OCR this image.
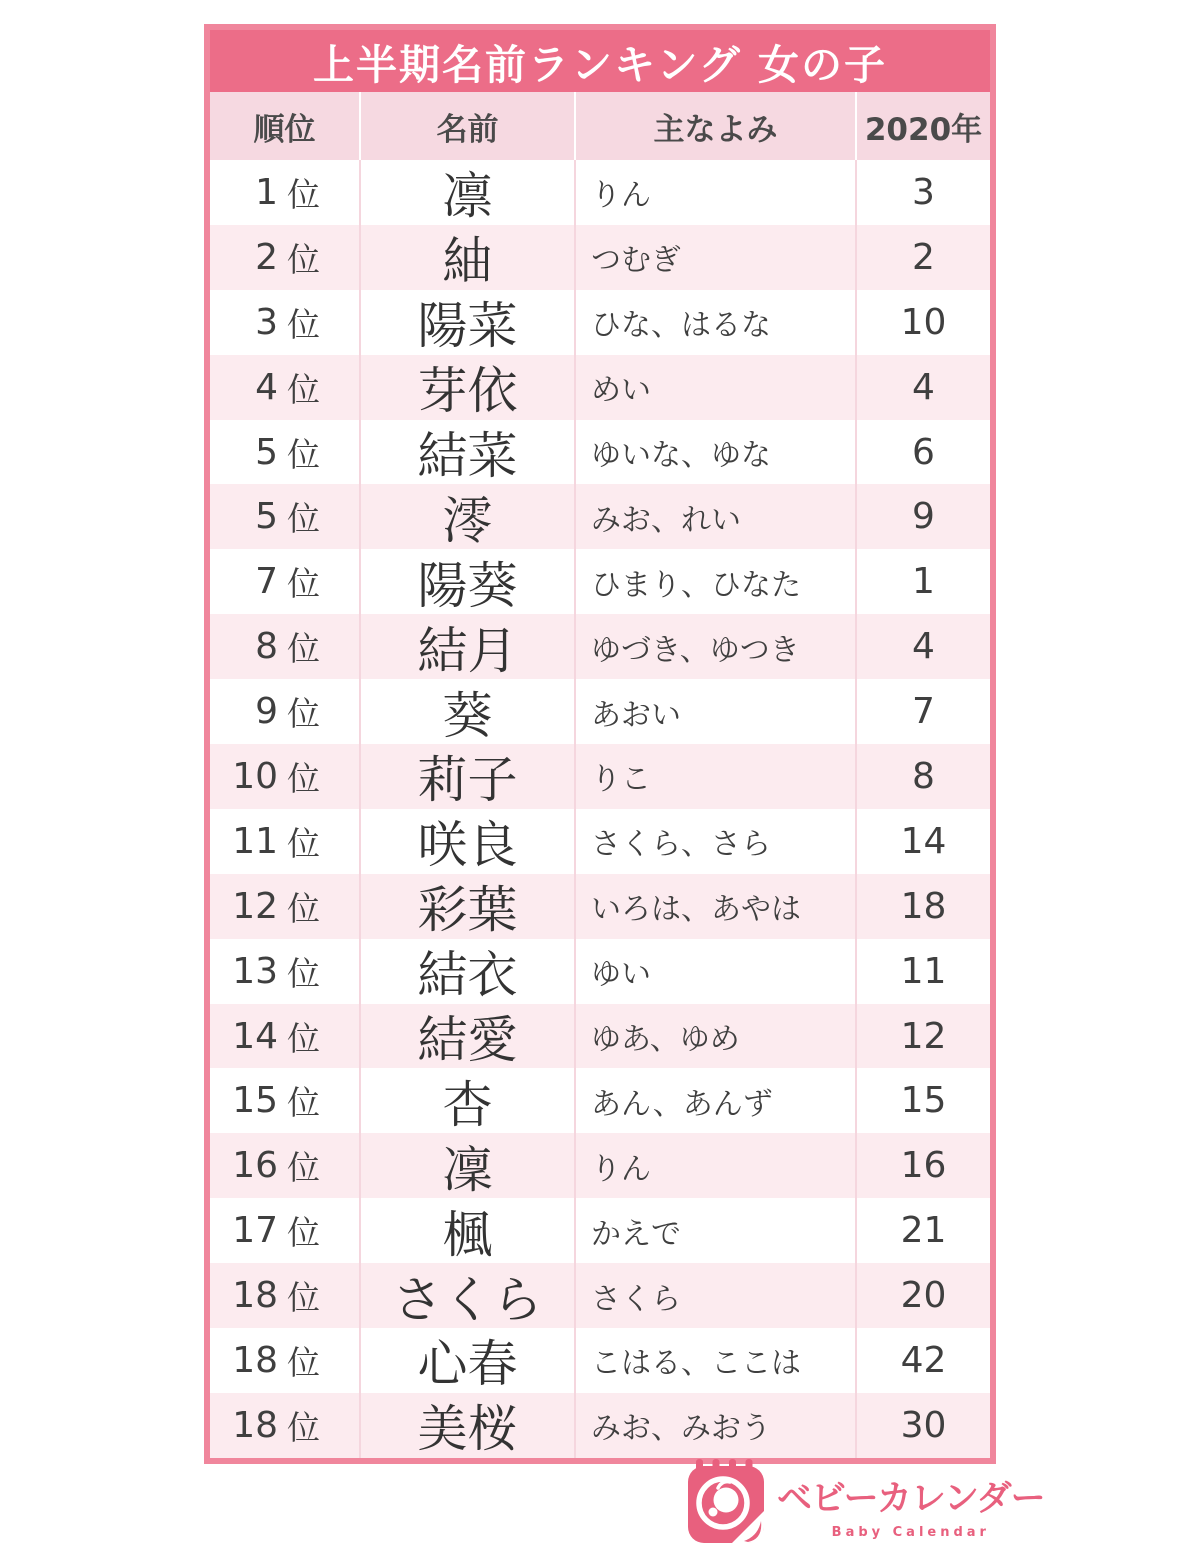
上半期名前ランキング 女の子
順位	名前	主なよみ	2020年
1 位	凛	りん	3
2 位	紬	つむぎ	2
3 位	陽菜	ひな、はるな	10
4 位	芽依	めい	4
5 位	結菜	ゆいな、ゆな	6
5 位	澪	みお、れい	9
7 位	陽葵	ひまり、ひなた	1
8 位	結月	ゆづき、ゆつき	4
9 位	葵	あおい	7
10 位	莉子	りこ	8
11 位	咲良	さくら、さら	14
12 位	彩葉	いろは、あやは	18
13 位	結衣	ゆい	11
14 位	結愛	ゆあ、ゆめ	12
15 位	杏	あん、あんず	15
16 位	凜	りん	16
17 位	楓	かえで	21
18 位	さくら	さくら	20
18 位	心春	こはる、ここは	42
18 位	美桜	みお、みおう	30
ベビーカレンダー
Baby Calendar
